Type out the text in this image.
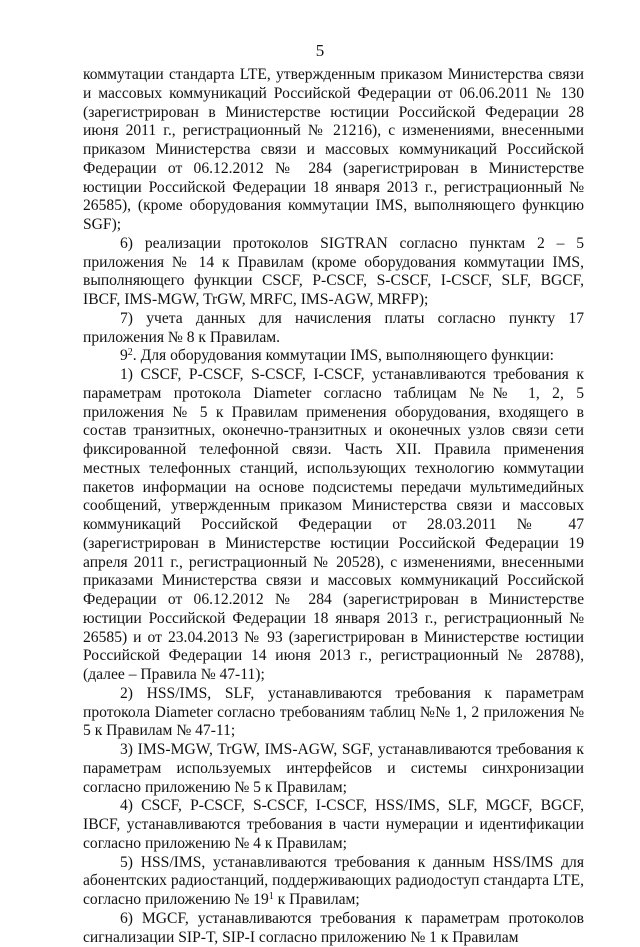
5

коммутации стандарта LTE, утвержденным приказом Министерства связи и массовых коммуникаций Российской Федерации от 06.06.2011 № 130 (зарегистрирован в Министерстве юстиции Российской Федерации 28 июня 2011 г., регистрационный № 21216), с изменениями, внесенными приказом Министерства связи и массовых коммуникаций Российской Федерации от 06.12.2012 № 284 (зарегистрирован в Министерстве юстиции Российской Федерации 18 января 2013 г., регистрационный № 26585), (кроме оборудования коммутации IMS, выполняющего функцию SGF);

6) реализации протоколов SIGTRAN согласно пунктам 2 – 5 приложения № 14 к Правилам (кроме оборудования коммутации IMS, выполняющего функции CSCF, P-CSCF, S-CSCF, I-CSCF, SLF, BGCF, IBCF, IMS-MGW, TrGW, MRFC, IMS-AGW, MRFP);

7) учета данных для начисления платы согласно пункту 17 приложения № 8 к Правилам.

$9^2$. Для оборудования коммутации IMS, выполняющего функции:

1) CSCF, P-CSCF, S-CSCF, I-CSCF, устанавливаются требования к параметрам протокола Diameter согласно таблицам №№ 1, 2, 5 приложения № 5 к Правилам применения оборудования, входящего в состав транзитных, оконечно-транзитных и оконечных узлов связи сети фиксированной телефонной связи. Часть XII. Правила применения местных телефонных станций, использующих технологию коммутации пакетов информации на основе подсистемы передачи мультимедийных сообщений, утвержденным приказом Министерства связи и массовых коммуникаций Российской Федерации от 28.03.2011 № 47 (зарегистрирован в Министерстве юстиции Российской Федерации 19 апреля 2011 г., регистрационный № 20528), с изменениями, внесенными приказами Министерства связи и массовых коммуникаций Российской Федерации от 06.12.2012 № 284 (зарегистрирован в Министерстве юстиции Российской Федерации 18 января 2013 г., регистрационный № 26585) и от 23.04.2013 № 93 (зарегистрирован в Министерстве юстиции Российской Федерации 14 июня 2013 г., регистрационный № 28788), (далее – Правила № 47-11);

2) HSS/IMS, SLF, устанавливаются требования к параметрам протокола Diameter согласно требованиям таблиц №№ 1, 2 приложения № 5 к Правилам № 47-11;

3) IMS-MGW, TrGW, IMS-AGW, SGF, устанавливаются требования к параметрам используемых интерфейсов и системы синхронизации согласно приложению № 5 к Правилам;

4) CSCF, P-CSCF, S-CSCF, I-CSCF, HSS/IMS, SLF, MGCF, BGCF, IBCF, устанавливаются требования в части нумерации и идентификации согласно приложению № 4 к Правилам;

5) HSS/IMS, устанавливаются требования к данным HSS/IMS для абонентских радиостанций, поддерживающих радиодоступ стандарта LTE, согласно приложению № $19^1$ к Правилам;

6) MGCF, устанавливаются требования к параметрам протоколов сигнализации SIP-T, SIP-I согласно приложению № 1 к Правилам
